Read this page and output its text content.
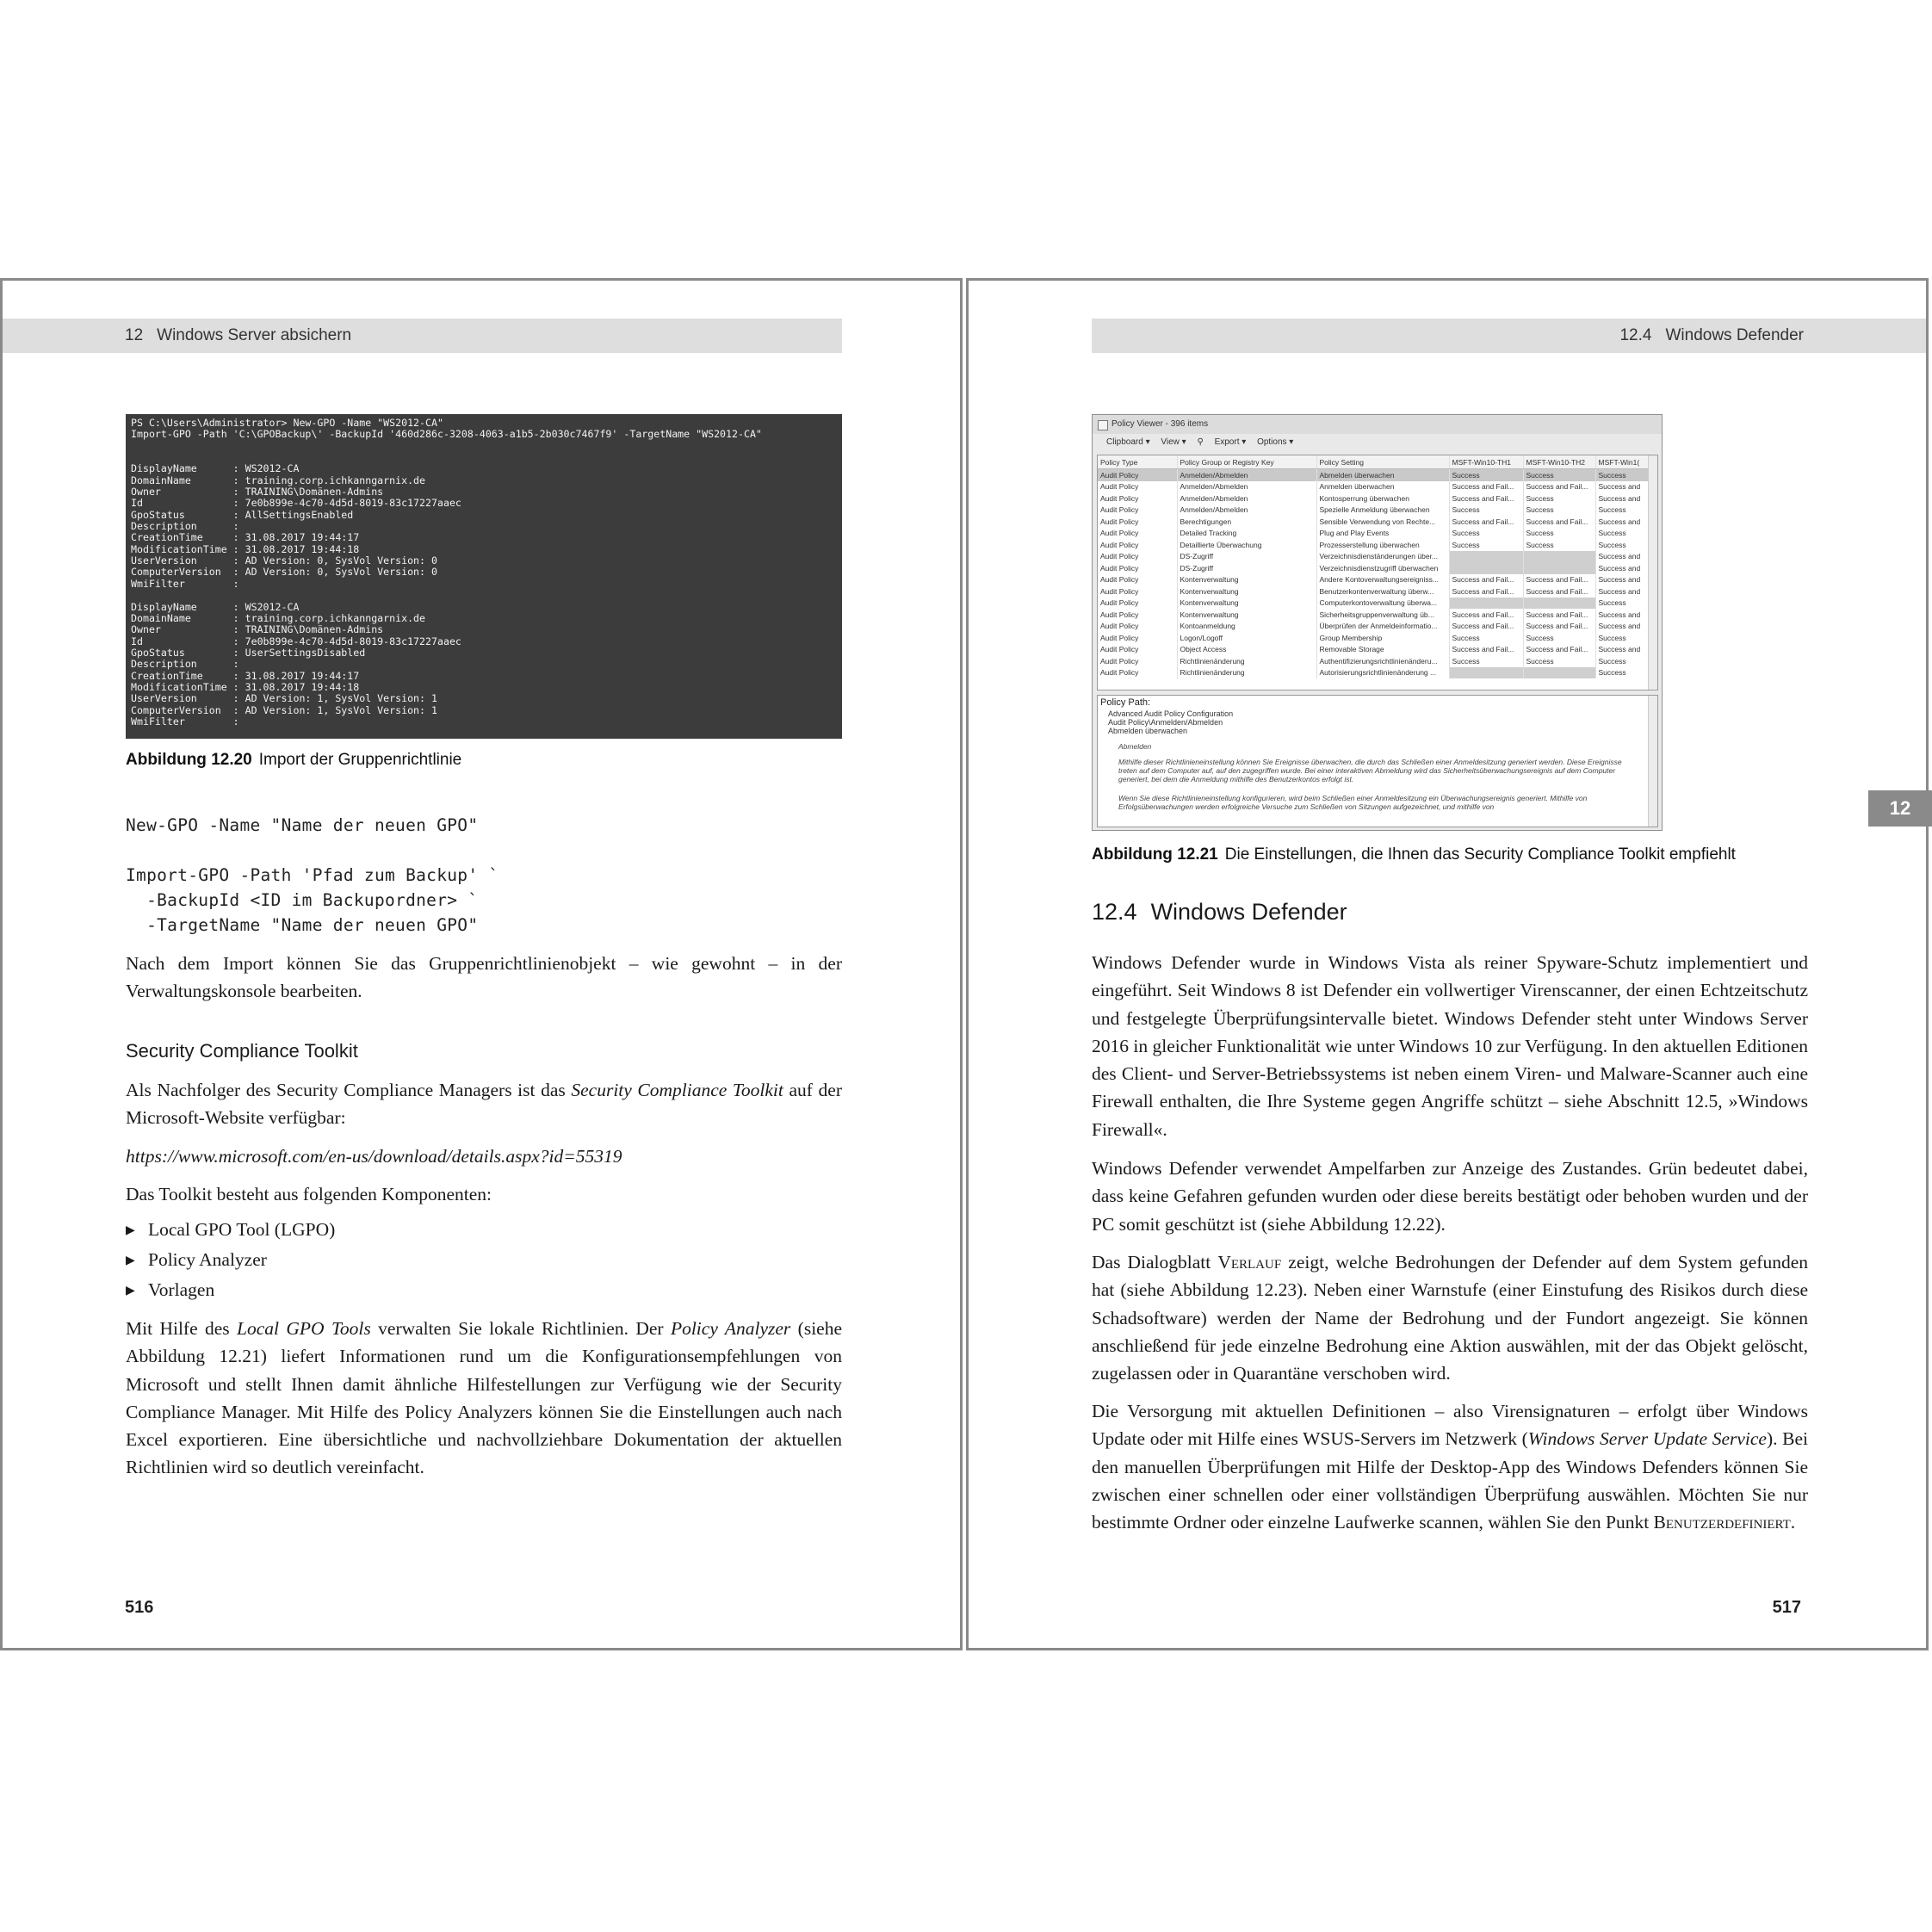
12 Windows Server absichern
PS C:\Users\Administrator> New-GPO -Name "WS2012-CA"
Import-GPO -Path 'C:\GPOBackup\' -BackupId '460d286c-3208-4063-a1b5-2b030c7467f9' -TargetName "WS2012-CA"
DisplayName      : WS2012-CA
DomainName       : training.corp.ichkanngarnix.de
Owner            : TRAINING\Domänen-Admins
Id               : 7e0b899e-4c70-4d5d-8019-83c17227aaec
GpoStatus        : AllSettingsEnabled
Description      :
CreationTime     : 31.08.2017 19:44:17
ModificationTime : 31.08.2017 19:44:18
UserVersion      : AD Version: 0, SysVol Version: 0
ComputerVersion  : AD Version: 0, SysVol Version: 0
WmiFilter        :
DisplayName      : WS2012-CA
DomainName       : training.corp.ichkanngarnix.de
Owner            : TRAINING\Domänen-Admins
Id               : 7e0b899e-4c70-4d5d-8019-83c17227aaec
GpoStatus        : UserSettingsDisabled
Description      :
CreationTime     : 31.08.2017 19:44:17
ModificationTime : 31.08.2017 19:44:18
UserVersion      : AD Version: 1, SysVol Version: 1
ComputerVersion  : AD Version: 1, SysVol Version: 1
WmiFilter        :
Abbildung 12.20 Import der Gruppenrichtlinie
New-GPO -Name "Name der neuen GPO"
Import-GPO -Path 'Pfad zum Backup' `
-BackupId <ID im Backupordner> `
-TargetName "Name der neuen GPO"
Nach dem Import können Sie das Gruppenrichtlinienobjekt – wie gewohnt – in der Verwaltungskonsole bearbeiten.
Security Compliance Toolkit
Als Nachfolger des Security Compliance Managers ist das Security Compliance Toolkit auf der Microsoft-Website verfügbar:
https://www.microsoft.com/en-us/download/details.aspx?id=55319
Das Toolkit besteht aus folgenden Komponenten:
▶ Local GPO Tool (LGPO)
▶ Policy Analyzer
▶ Vorlagen
Mit Hilfe des Local GPO Tools verwalten Sie lokale Richtlinien. Der Policy Analyzer (siehe Abbildung 12.21) liefert Informationen rund um die Konfigurationsempfehlungen von Microsoft und stellt Ihnen damit ähnliche Hilfestellungen zur Verfügung wie der Security Compliance Manager. Mit Hilfe des Policy Analyzers können Sie die Einstellungen auch nach Excel exportieren. Eine übersichtliche und nachvollziehbare Dokumentation der aktuellen Richtlinien wird so deutlich vereinfacht.
516
12.4 Windows Defender
Policy Viewer - 396 items
Clipboard ▾ View ▾ ⚲ Export ▾ Options ▾
Policy Type	Policy Group or Registry Key	Policy Setting	MSFT-Win10-TH1	MSFT-Win10-TH2	MSFT-Win1(
Audit Policy	Anmelden/Abmelden	Abmelden überwachen	Success	Success	Success
Audit Policy	Anmelden/Abmelden	Anmelden überwachen	Success and Fail...	Success and Fail...	Success and
Audit Policy	Anmelden/Abmelden	Kontosperrung überwachen	Success and Fail...	Success	Success and
Audit Policy	Anmelden/Abmelden	Spezielle Anmeldung überwachen	Success	Success	Success
Audit Policy	Berechtigungen	Sensible Verwendung von Rechte...	Success and Fail...	Success and Fail...	Success and
Audit Policy	Detailed Tracking	Plug and Play Events	Success	Success	Success
Audit Policy	Detaillierte Überwachung	Prozesserstellung überwachen	Success	Success	Success
Audit Policy	DS-Zugriff	Verzeichnisdienständerungen über...			Success and
Audit Policy	DS-Zugriff	Verzeichnisdienstzugriff überwachen			Success and
Audit Policy	Kontenverwaltung	Andere Kontoverwaltungsereigniss...	Success and Fail...	Success and Fail...	Success and
Audit Policy	Kontenverwaltung	Benutzerkontenverwaltung überw...	Success and Fail...	Success and Fail...	Success and
Audit Policy	Kontenverwaltung	Computerkontoverwaltung überwa...			Success
Audit Policy	Kontenverwaltung	Sicherheitsgruppenverwaltung üb...	Success and Fail...	Success and Fail...	Success and
Audit Policy	Kontoanmeldung	Überprüfen der Anmeldeinformatio...	Success and Fail...	Success and Fail...	Success and
Audit Policy	Logon/Logoff	Group Membership	Success	Success	Success
Audit Policy	Object Access	Removable Storage	Success and Fail...	Success and Fail...	Success and
Audit Policy	Richtlinienänderung	Authentifizierungsrichtlinienänderu...	Success	Success	Success
Audit Policy	Richtlinienänderung	Autorisierungsrichtlinienänderung ...			Success
Policy Path:
Advanced Audit Policy Configuration
Audit Policy\Anmelden/Abmelden
Abmelden überwachen
Abmelden
Mithilfe dieser Richtlinieneinstellung können Sie Ereignisse überwachen, die durch das Schließen einer Anmeldesitzung generiert werden. Diese Ereignisse treten auf dem Computer auf, auf den zugegriffen wurde. Bei einer interaktiven Abmeldung wird das Sicherheitsüberwachungsereignis auf dem Computer generiert, bei dem die Anmeldung mithilfe des Benutzerkontos erfolgt ist.
Wenn Sie diese Richtlinieneinstellung konfigurieren, wird beim Schließen einer Anmeldesitzung ein Überwachungsereignis generiert. Mithilfe von Erfolgsüberwachungen werden erfolgreiche Versuche zum Schließen von Sitzungen aufgezeichnet, und mithilfe von
Abbildung 12.21 Die Einstellungen, die Ihnen das Security Compliance Toolkit empfiehlt
12.4 Windows Defender
Windows Defender wurde in Windows Vista als reiner Spyware-Schutz implementiert und eingeführt. Seit Windows 8 ist Defender ein vollwertiger Virenscanner, der einen Echtzeitschutz und festgelegte Überprüfungsintervalle bietet. Windows Defender steht unter Windows Server 2016 in gleicher Funktionalität wie unter Windows 10 zur Verfügung. In den aktuellen Editionen des Client- und Server-Betriebssystems ist neben einem Viren- und Malware-Scanner auch eine Firewall enthalten, die Ihre Systeme gegen Angriffe schützt – siehe Abschnitt 12.5, »Windows Firewall«.
Windows Defender verwendet Ampelfarben zur Anzeige des Zustandes. Grün bedeutet dabei, dass keine Gefahren gefunden wurden oder diese bereits bestätigt oder behoben wurden und der PC somit geschützt ist (siehe Abbildung 12.22).
Das Dialogblatt Verlauf zeigt, welche Bedrohungen der Defender auf dem System gefunden hat (siehe Abbildung 12.23). Neben einer Warnstufe (einer Einstufung des Risikos durch diese Schadsoftware) werden der Name der Bedrohung und der Fundort angezeigt. Sie können anschließend für jede einzelne Bedrohung eine Aktion auswählen, mit der das Objekt gelöscht, zugelassen oder in Quarantäne verschoben wird.
Die Versorgung mit aktuellen Definitionen – also Virensignaturen – erfolgt über Windows Update oder mit Hilfe eines WSUS-Servers im Netzwerk (Windows Server Update Service). Bei den manuellen Überprüfungen mit Hilfe der Desktop-App des Windows Defenders können Sie zwischen einer schnellen oder einer vollständigen Überprüfung auswählen. Möchten Sie nur bestimmte Ordner oder einzelne Laufwerke scannen, wählen Sie den Punkt Benutzerdefiniert.
517
12
